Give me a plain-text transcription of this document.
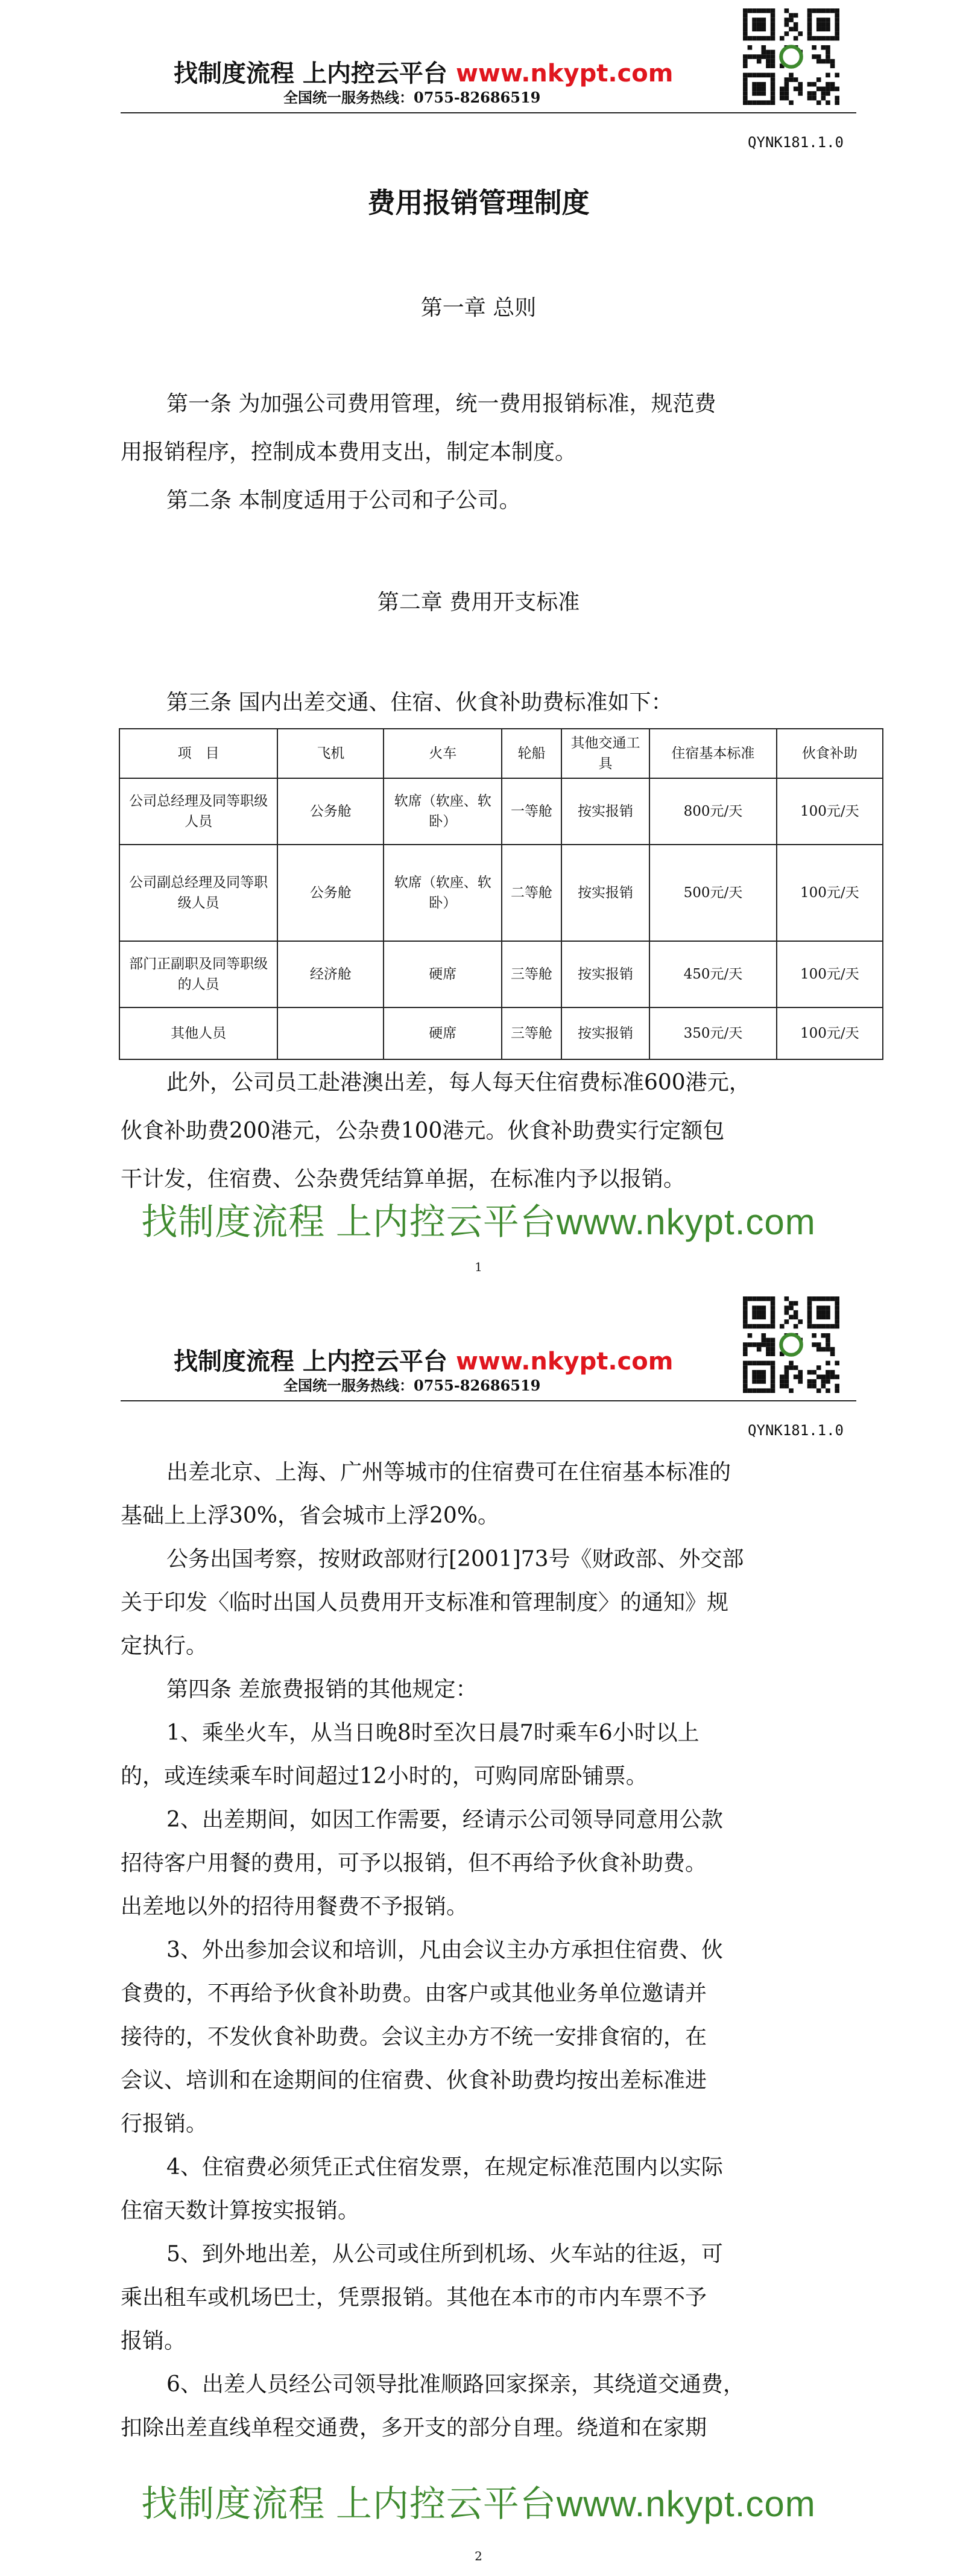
找制度流程 上内控云平台 www.nkypt.com
全国统一服务热线：0755-82686519
QYNK181.1.0
费用报销管理制度
第一章 总则
第一条 为加强公司费用管理，统一费用报销标准，规范费
用报销程序，控制成本费用支出，制定本制度。
第二条 本制度适用于公司和子公司。
第二章 费用开支标准
第三条 国内出差交通、住宿、伙食补助费标准如下：
项　目	飞机	火车	轮船	其他交通工具	住宿基本标准	伙食补助
公司总经理及同等职级人员	公务舱	软席（软座、软卧）	一等舱	按实报销	800元/天	100元/天
公司副总经理及同等职级人员	公务舱	软席（软座、软卧）	二等舱	按实报销	500元/天	100元/天
部门正副职及同等职级的人员	经济舱	硬席	三等舱	按实报销	450元/天	100元/天
其他人员		硬席	三等舱	按实报销	350元/天	100元/天
此外，公司员工赴港澳出差，每人每天住宿费标准600港元，
伙食补助费200港元，公杂费100港元。伙食补助费实行定额包
干计发，住宿费、公杂费凭结算单据，在标准内予以报销。
找制度流程 上内控云平台www.nkypt.com
1
找制度流程 上内控云平台 www.nkypt.com
全国统一服务热线：0755-82686519
QYNK181.1.0
出差北京、上海、广州等城市的住宿费可在住宿基本标准的
基础上上浮30%，省会城市上浮20%。
公务出国考察，按财政部财行[2001]73号《财政部、外交部
关于印发〈临时出国人员费用开支标准和管理制度〉的通知》规
定执行。
第四条 差旅费报销的其他规定：
1、乘坐火车，从当日晚8时至次日晨7时乘车6小时以上
的，或连续乘车时间超过12小时的，可购同席卧铺票。
2、出差期间，如因工作需要，经请示公司领导同意用公款
招待客户用餐的费用，可予以报销，但不再给予伙食补助费。
出差地以外的招待用餐费不予报销。
3、外出参加会议和培训，凡由会议主办方承担住宿费、伙
食费的，不再给予伙食补助费。由客户或其他业务单位邀请并
接待的，不发伙食补助费。会议主办方不统一安排食宿的，在
会议、培训和在途期间的住宿费、伙食补助费均按出差标准进
行报销。
4、住宿费必须凭正式住宿发票，在规定标准范围内以实际
住宿天数计算按实报销。
5、到外地出差，从公司或住所到机场、火车站的往返，可
乘出租车或机场巴士，凭票报销。其他在本市的市内车票不予
报销。
6、出差人员经公司领导批准顺路回家探亲，其绕道交通费，
扣除出差直线单程交通费，多开支的部分自理。绕道和在家期
找制度流程 上内控云平台www.nkypt.com
2
